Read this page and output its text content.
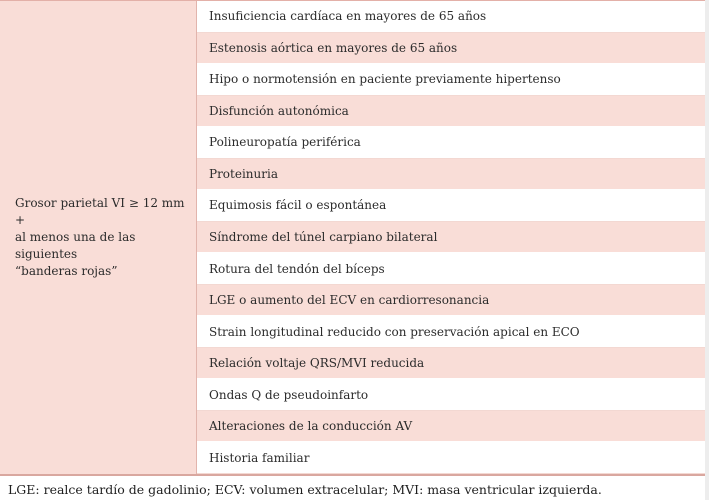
Grosor parietal VI ≥ 12 mm
+
al menos una de las siguientes
“banderas rojas”
Insuficiencia cardíaca en mayores de 65 años
Estenosis aórtica en mayores de 65 años
Hipo o normotensión en paciente previamente hipertenso
Disfunción autonómica
Polineuropatía periférica
Proteinuria
Equimosis fácil o espontánea
Síndrome del túnel carpiano bilateral
Rotura del tendón del bíceps
LGE o aumento del ECV en cardiorresonancia
Strain longitudinal reducido con preservación apical en ECO
Relación voltaje QRS/MVI reducida
Ondas Q de pseudoinfarto
Alteraciones de la conducción AV
Historia familiar
LGE: realce tardío de gadolinio; ECV: volumen extracelular; MVI: masa ventricular izquierda.
